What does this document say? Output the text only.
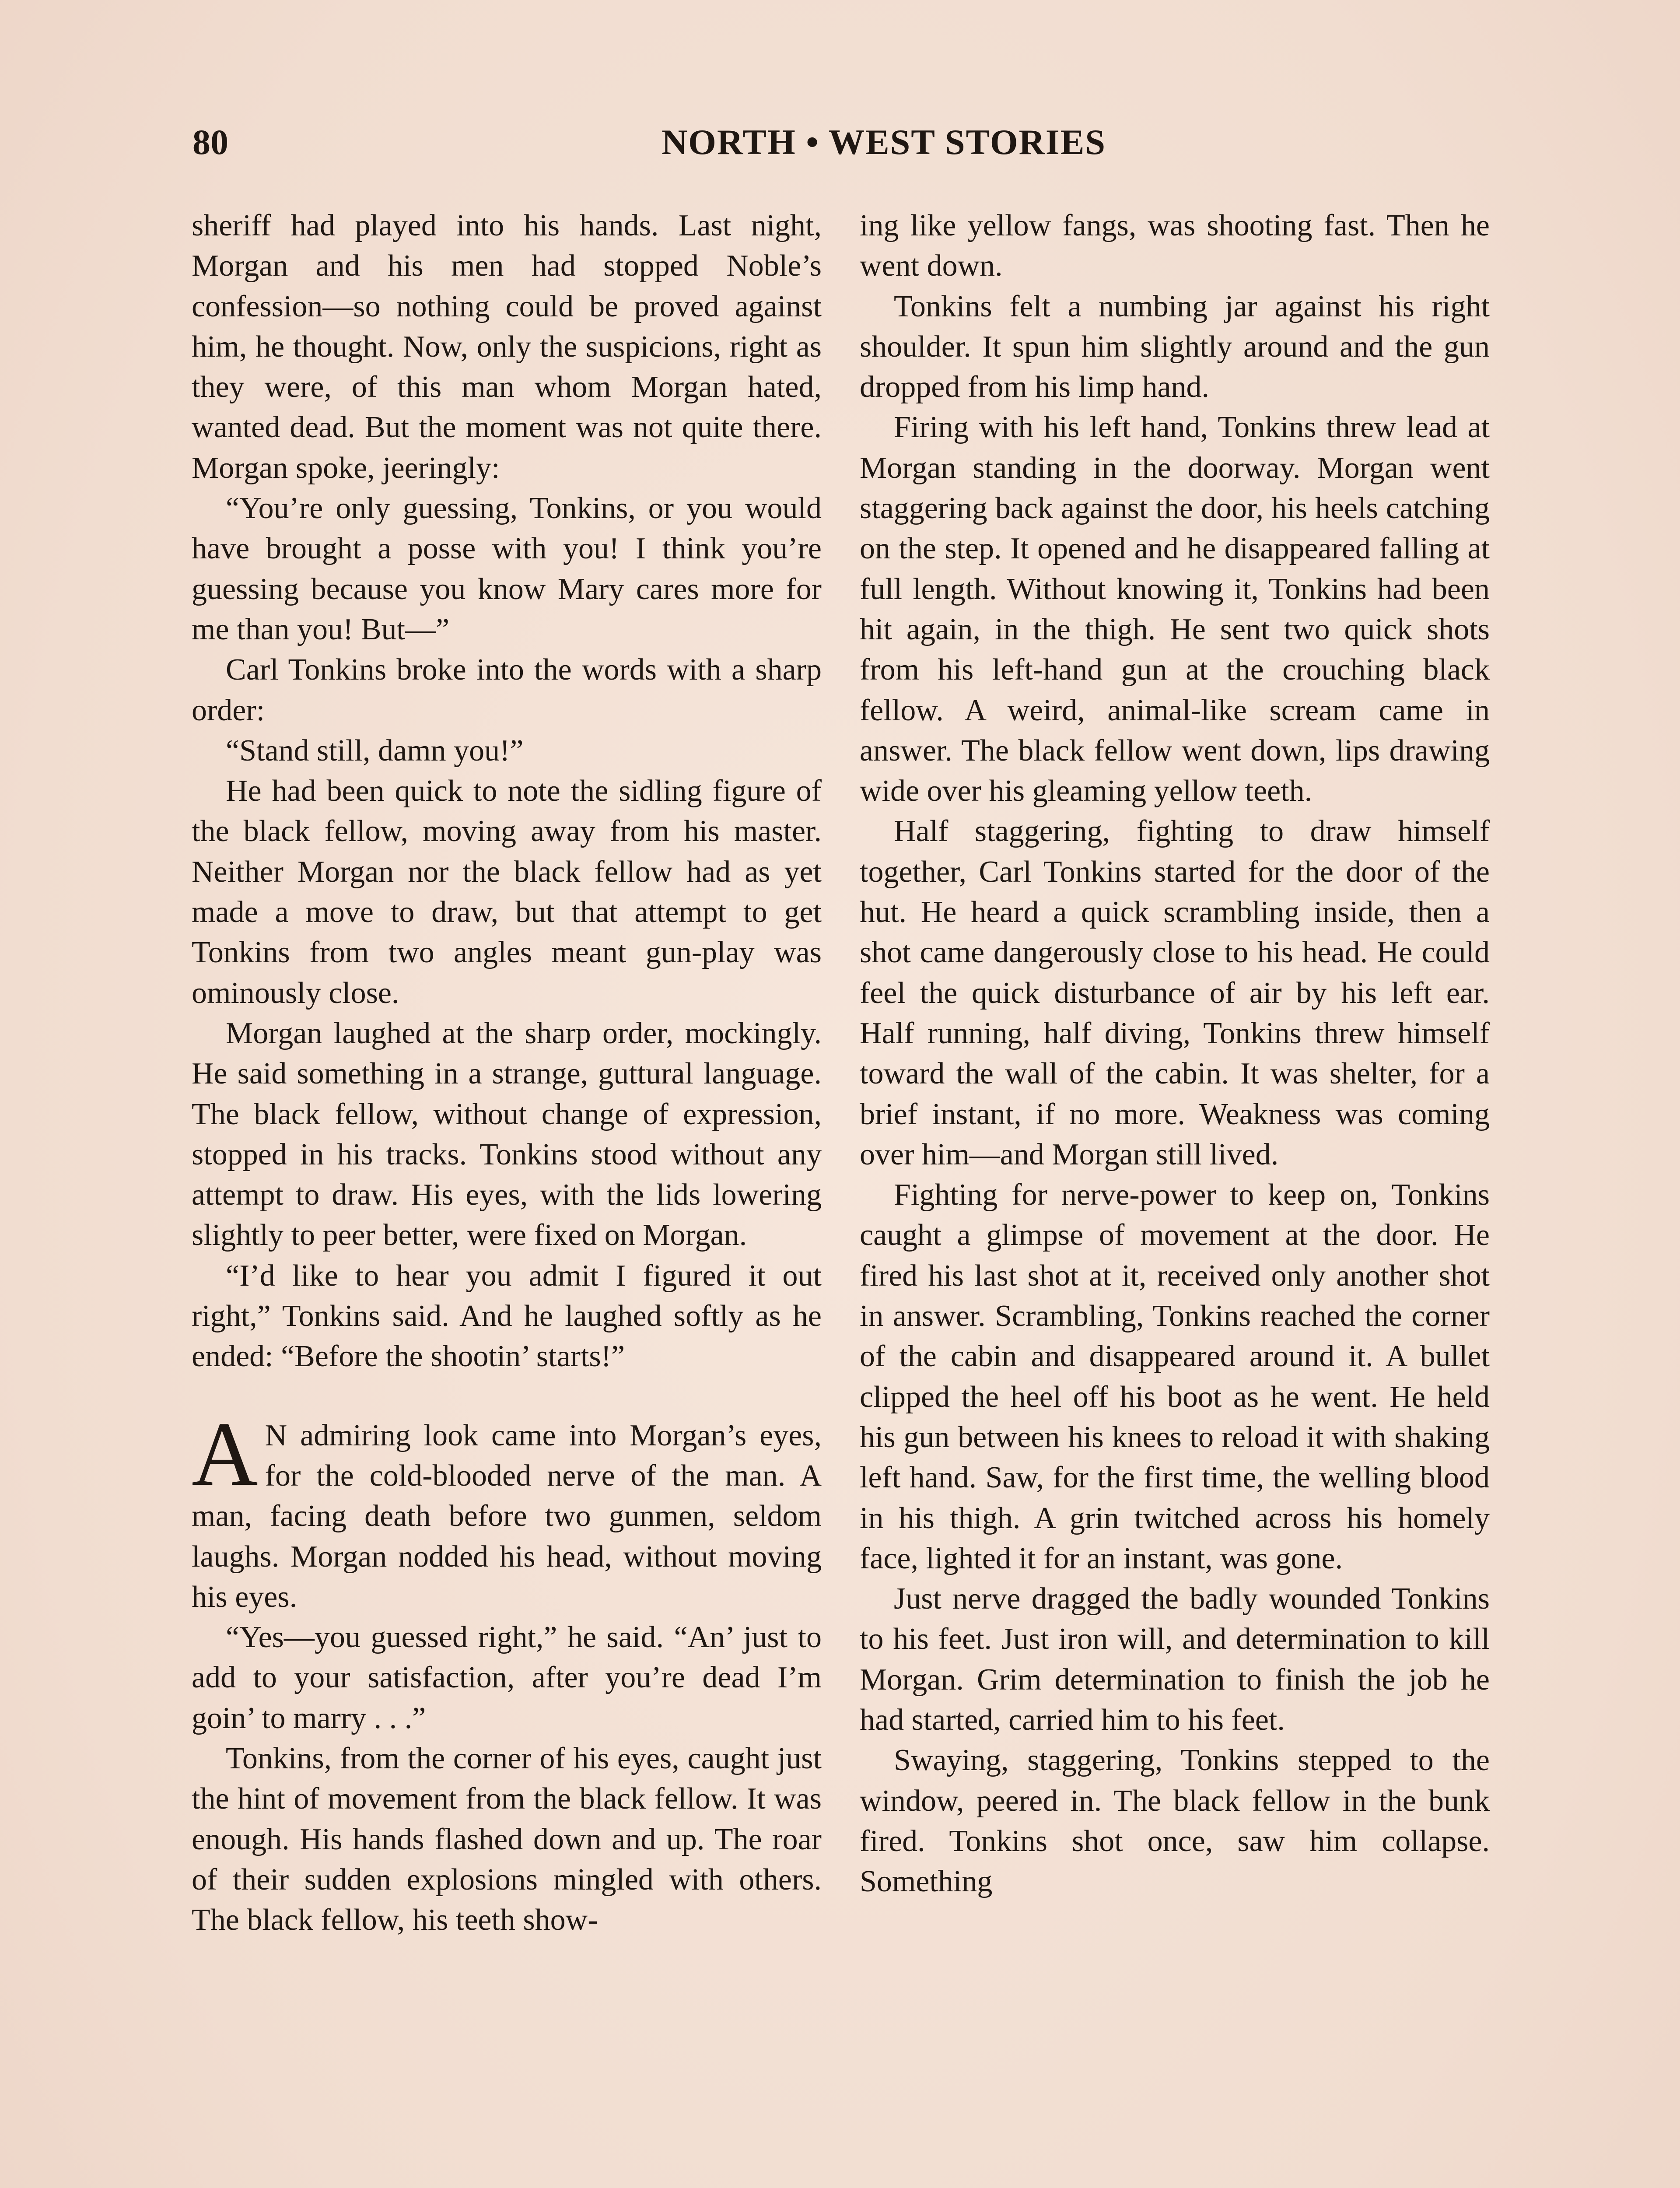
80	NORTH • WEST STORIES

sheriff had played into his hands. Last night, Morgan and his men had stopped Noble’s confession—so nothing could be proved against him, he thought. Now, only the suspicions, right as they were, of this man whom Morgan hated, wanted dead. But the moment was not quite there. Morgan spoke, jeeringly:

“You’re only guessing, Tonkins, or you would have brought a posse with you! I think you’re guessing because you know Mary cares more for me than you! But—”

Carl Tonkins broke into the words with a sharp order:

“Stand still, damn you!”

He had been quick to note the sidling figure of the black fellow, moving away from his master. Neither Morgan nor the black fellow had as yet made a move to draw, but that attempt to get Tonkins from two angles meant gun-play was ominously close.

Morgan laughed at the sharp order, mockingly. He said something in a strange, guttural language. The black fellow, without change of expression, stopped in his tracks. Tonkins stood without any attempt to draw. His eyes, with the lids lowering slightly to peer better, were fixed on Morgan.

“I’d like to hear you admit I figured it out right,” Tonkins said. And he laughed softly as he ended: “Before the shootin’ starts!”

A N admiring look came into Morgan’s eyes, for the cold-blooded nerve of the man. A man, facing death before two gunmen, seldom laughs. Morgan nodded his head, without moving his eyes.

“Yes—you guessed right,” he said. “An’ just to add to your satisfaction, after you’re dead I’m goin’ to marry . . .”

Tonkins, from the corner of his eyes, caught just the hint of movement from the black fellow. It was enough. His hands flashed down and up. The roar of their sudden explosions mingled with others. The black fellow, his teeth show-

ing like yellow fangs, was shooting fast. Then he went down.

Tonkins felt a numbing jar against his right shoulder. It spun him slightly around and the gun dropped from his limp hand.

Firing with his left hand, Tonkins threw lead at Morgan standing in the doorway. Morgan went staggering back against the door, his heels catching on the step. It opened and he disappeared falling at full length. Without knowing it, Tonkins had been hit again, in the thigh. He sent two quick shots from his left-hand gun at the crouching black fellow. A weird, animal-like scream came in answer. The black fellow went down, lips drawing wide over his gleaming yellow teeth.

Half staggering, fighting to draw himself together, Carl Tonkins started for the door of the hut. He heard a quick scrambling inside, then a shot came dangerously close to his head. He could feel the quick disturbance of air by his left ear. Half running, half diving, Tonkins threw himself toward the wall of the cabin. It was shelter, for a brief instant, if no more. Weakness was coming over him—and Morgan still lived.

Fighting for nerve-power to keep on, Tonkins caught a glimpse of movement at the door. He fired his last shot at it, received only another shot in answer. Scrambling, Tonkins reached the corner of the cabin and disappeared around it. A bullet clipped the heel off his boot as he went. He held his gun between his knees to reload it with shaking left hand. Saw, for the first time, the welling blood in his thigh. A grin twitched across his homely face, lighted it for an instant, was gone.

Just nerve dragged the badly wounded Tonkins to his feet. Just iron will, and determination to kill Morgan. Grim determination to finish the job he had started, carried him to his feet.

Swaying, staggering, Tonkins stepped to the window, peered in. The black fellow in the bunk fired. Tonkins shot once, saw him collapse. Something
